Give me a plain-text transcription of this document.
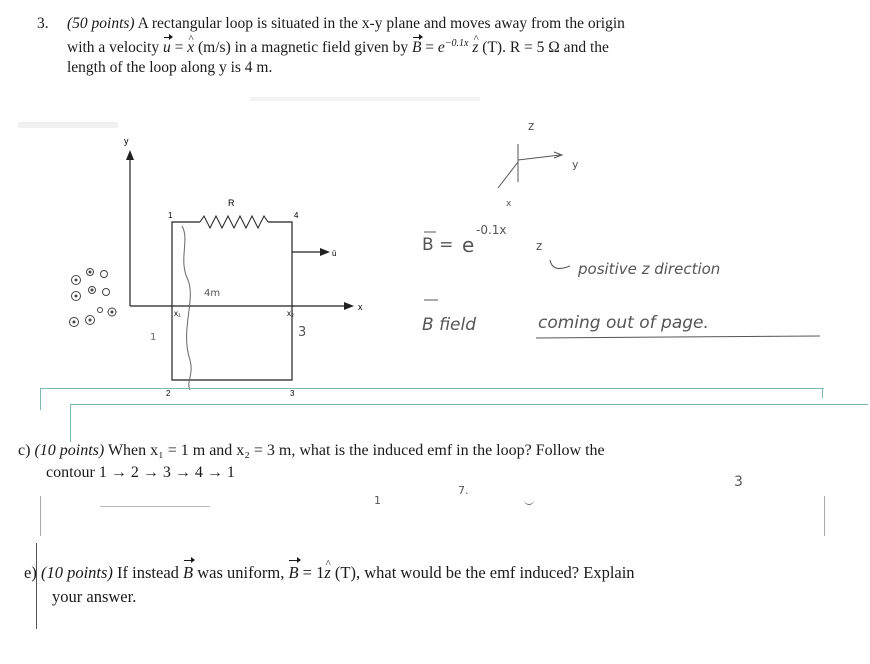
3. (50 points) A rectangular loop is situated in the x-y plane and moves away from the origin
with a velocity u = ^ x (m/s) in a magnetic field given by $B = e^{-0.1x}$ ^ z (T). R = 5 Ω and the
length of the loop along y is 4 m.
y
x
R
1	4
2	3
x₁	x₂
ū
4m
3
1
z
y
x
B = e
-0.1x
z
positive z direction
B field	coming out of page.
c) (10 points) When x₁ = 1 m and x₂ = 3 m, what is the induced emf in the loop? Follow the
contour 1 → 2 → 3 → 4 → 1
3
7.
1
e) (10 points) If instead B was uniform, B = 1^ z (T), what would be the emf induced? Explain
your answer.
